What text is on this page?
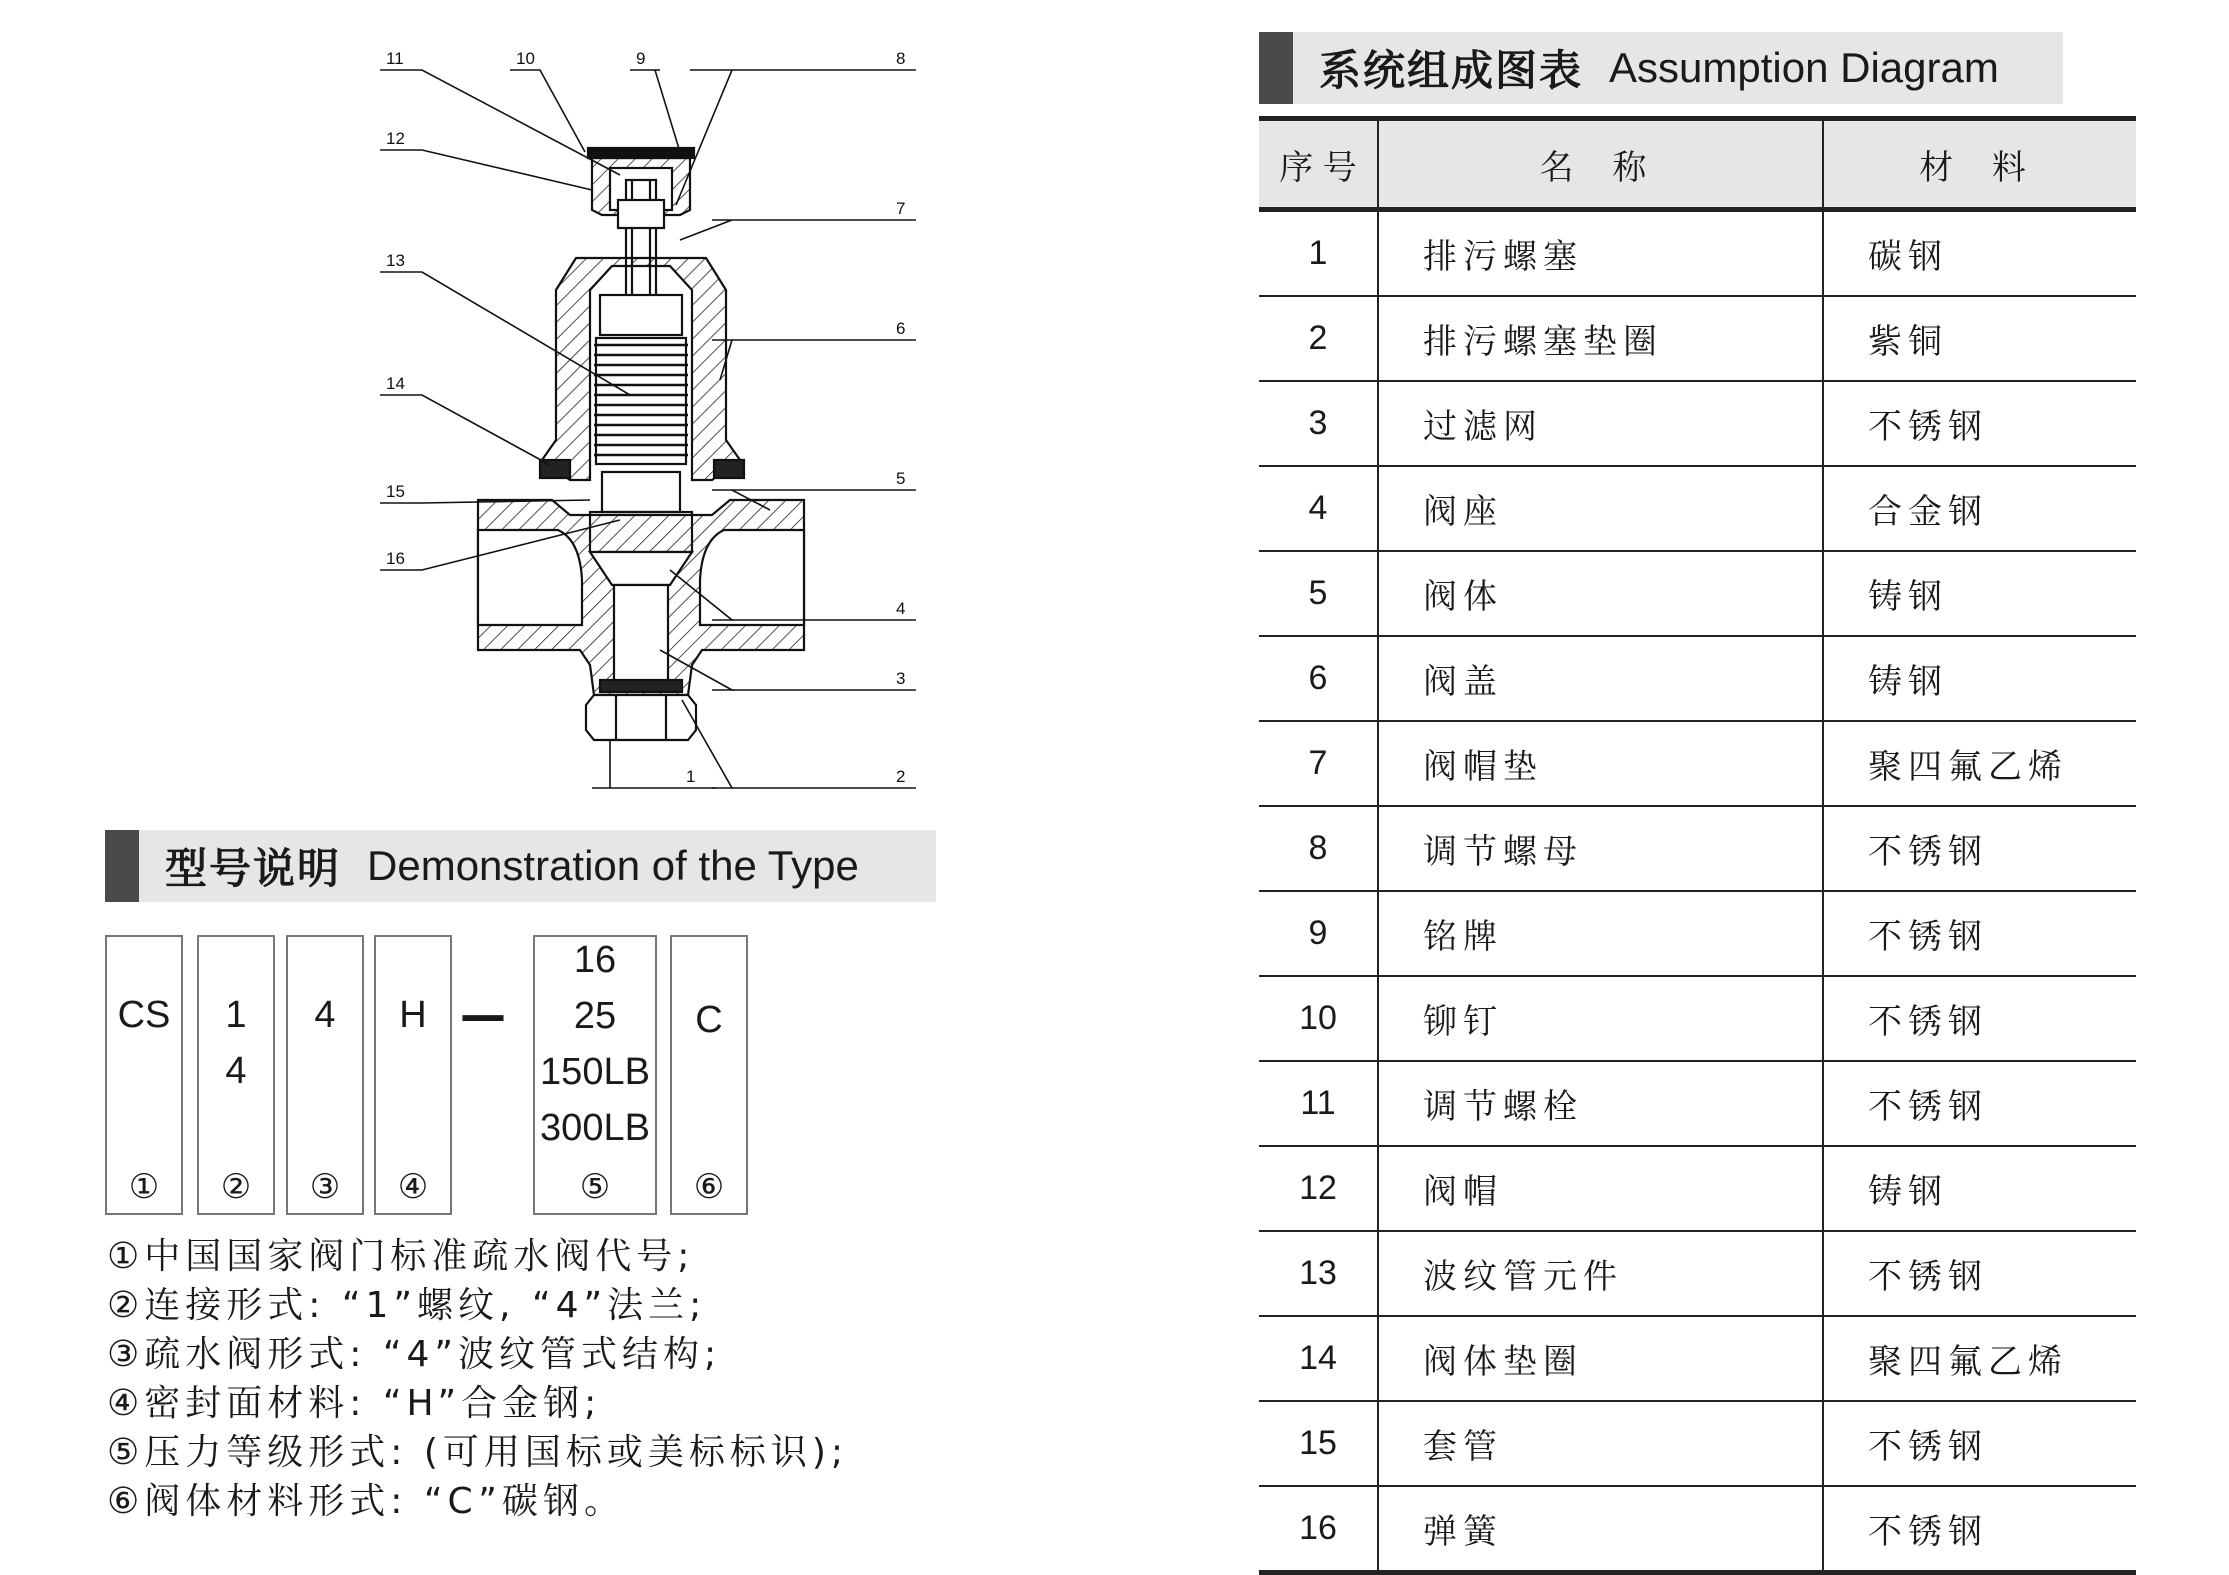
11	10	9	8
12
7
13
6
14
5
15
16
4
3
1	2
型号说明 Demonstration of the Type
CS
①
1
4
②
4
③
H
④
16
25
150LB
300LB
⑤
C
⑥
—
①中国国家阀门标准疏水阀代号;
②连接形式: “1”螺纹, “4”法兰;
③疏水阀形式: “4”波纹管式结构;
④密封面材料: “H”合金钢;
⑤压力等级形式: (可用国标或美标标识);
⑥阀体材料形式: “C”碳钢。
系统组成图表 Assumption Diagram
序 号	名 称	材 料
1	排污螺塞	碳钢
2	排污螺塞垫圈	紫铜
3	过滤网	不锈钢
4	阀座	合金钢
5	阀体	铸钢
6	阀盖	铸钢
7	阀帽垫	聚四氟乙烯
8	调节螺母	不锈钢
9	铭牌	不锈钢
10	铆钉	不锈钢
11	调节螺栓	不锈钢
12	阀帽	铸钢
13	波纹管元件	不锈钢
14	阀体垫圈	聚四氟乙烯
15	套管	不锈钢
16	弹簧	不锈钢
